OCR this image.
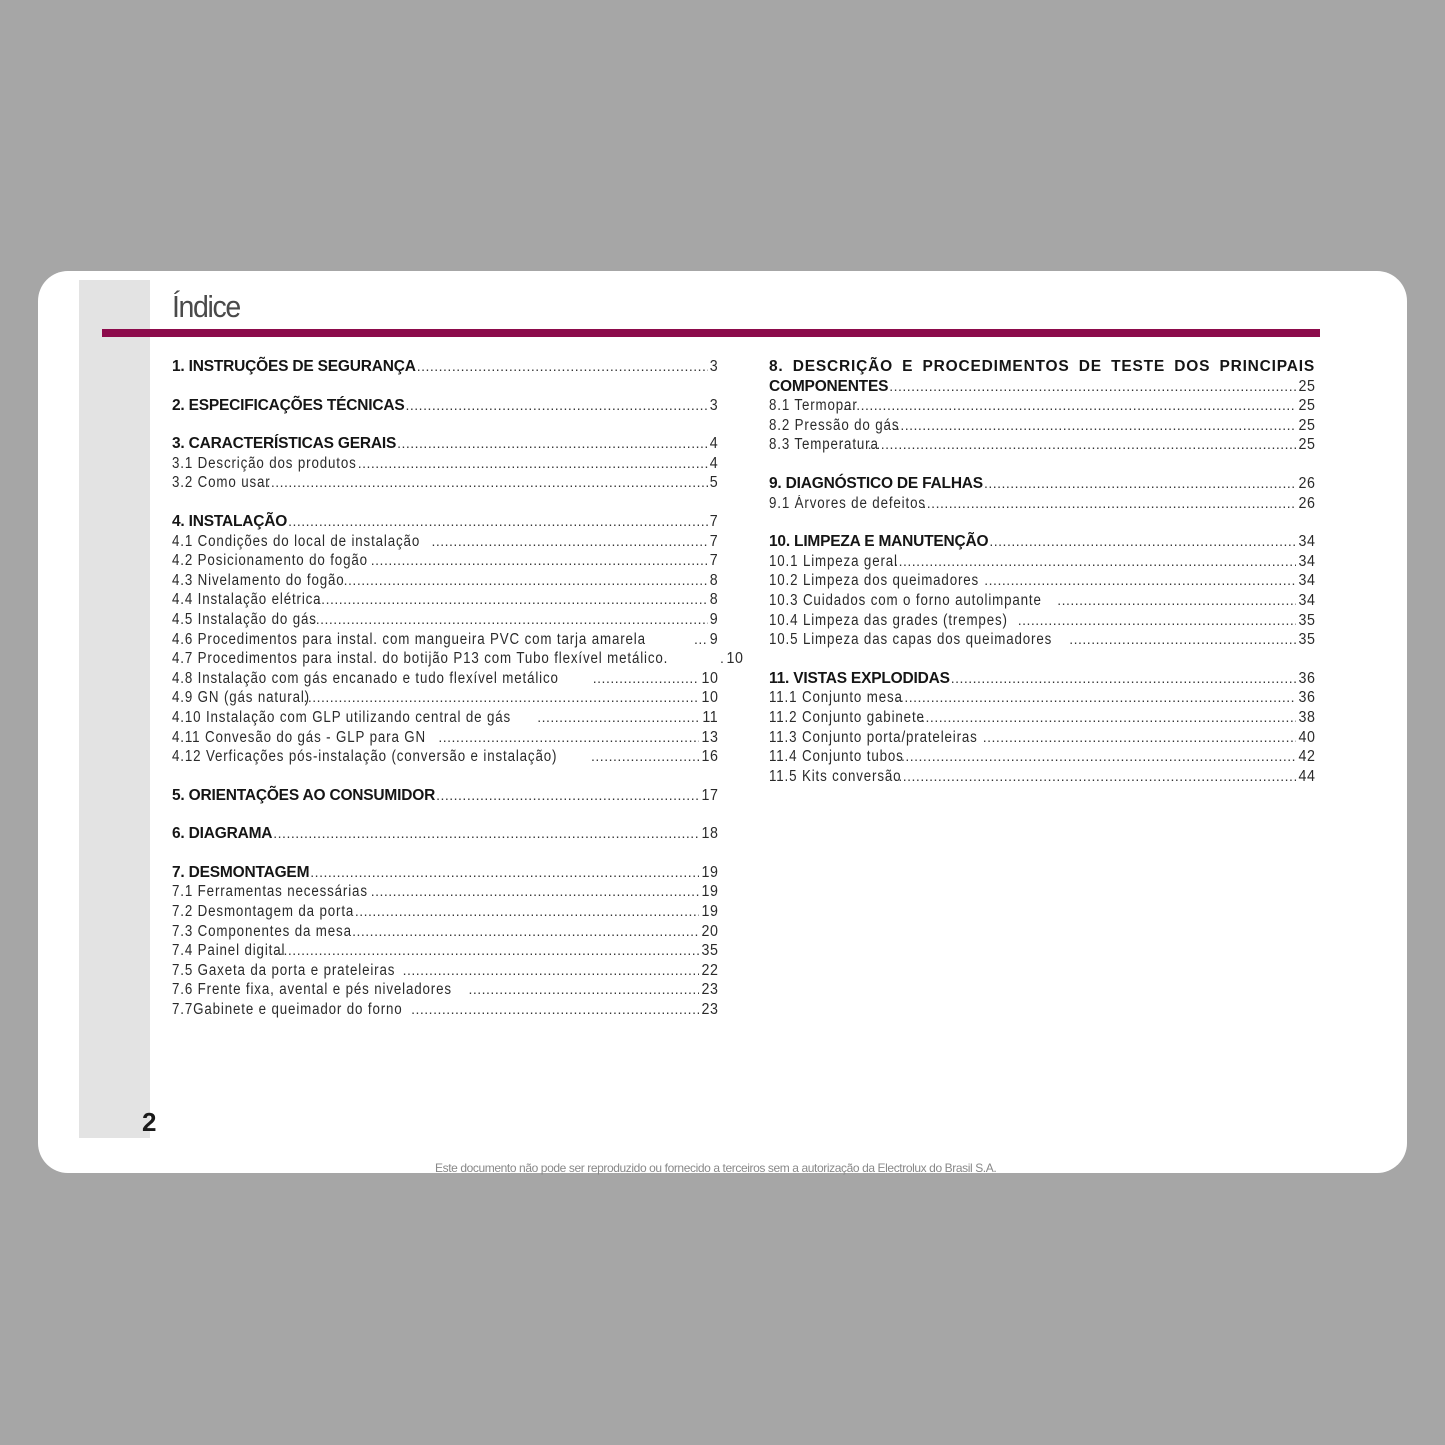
2
Índice
1. INSTRUÇÕES DE SEGURANÇA .....	3
2. ESPECIFICAÇÕES TÉCNICAS .....	3
3. CARACTERÍSTICAS GERAIS .....	4
3.1 Descrição dos produtos .....	4
3.2 Como usar .....	5
4. INSTALAÇÃO .....	7
4.1 Condições do local de instalação .....	7
4.2 Posicionamento do fogão .....	7
4.3 Nivelamento do fogão .....	8
4.4 Instalação elétrica .....	8
4.5 Instalação do gás .....	9
4.6 Procedimentos para instal. com mangueira PVC com tarja amarela .....	9
4.7 Procedimentos para instal. do botijão P13 com Tubo flexível metálico. .....	10
4.8 Instalação com gás encanado e tudo flexível metálico .....	10
4.9 GN (gás natural) .....	10
4.10 Instalação com GLP utilizando central de gás .....	11
4.11 Convesão do gás - GLP para GN .....	13
4.12 Verficações pós-instalação (conversão e instalação) .....	16
5. ORIENTAÇÕES AO CONSUMIDOR .....	17
6. DIAGRAMA .....	18
7. DESMONTAGEM .....	19
7.1 Ferramentas necessárias .....	19
7.2 Desmontagem da porta .....	19
7.3 Componentes da mesa .....	20
7.4 Painel digital .....	35
7.5 Gaxeta da porta e prateleiras .....	22
7.6 Frente fixa, avental e pés niveladores .....	23
7.7Gabinete e queimador do forno .....	23
8. DESCRIÇÃO E PROCEDIMENTOS DE TESTE DOS PRINCIPAIS
COMPONENTES .....	25
8.1 Termopar .....	25
8.2 Pressão do gás .....	25
8.3 Temperatura .....	25
9. DIAGNÓSTICO DE FALHAS .....	26
9.1 Árvores de defeitos .....	26
10. LIMPEZA E MANUTENÇÃO .....	34
10.1 Limpeza geral .....	34
10.2 Limpeza dos queimadores .....	34
10.3 Cuidados com o forno autolimpante .....	34
10.4 Limpeza das grades (trempes) .....	35
10.5 Limpeza das capas dos queimadores .....	35
11. VISTAS EXPLODIDAS .....	36
11.1 Conjunto mesa .....	36
11.2 Conjunto gabinete .....	38
11.3 Conjunto porta/prateleiras .....	40
11.4 Conjunto tubos .....	42
11.5 Kits conversão .....	44
Este documento não pode ser reproduzido ou fornecido a terceiros sem a autorização da Electrolux do Brasil S.A.
